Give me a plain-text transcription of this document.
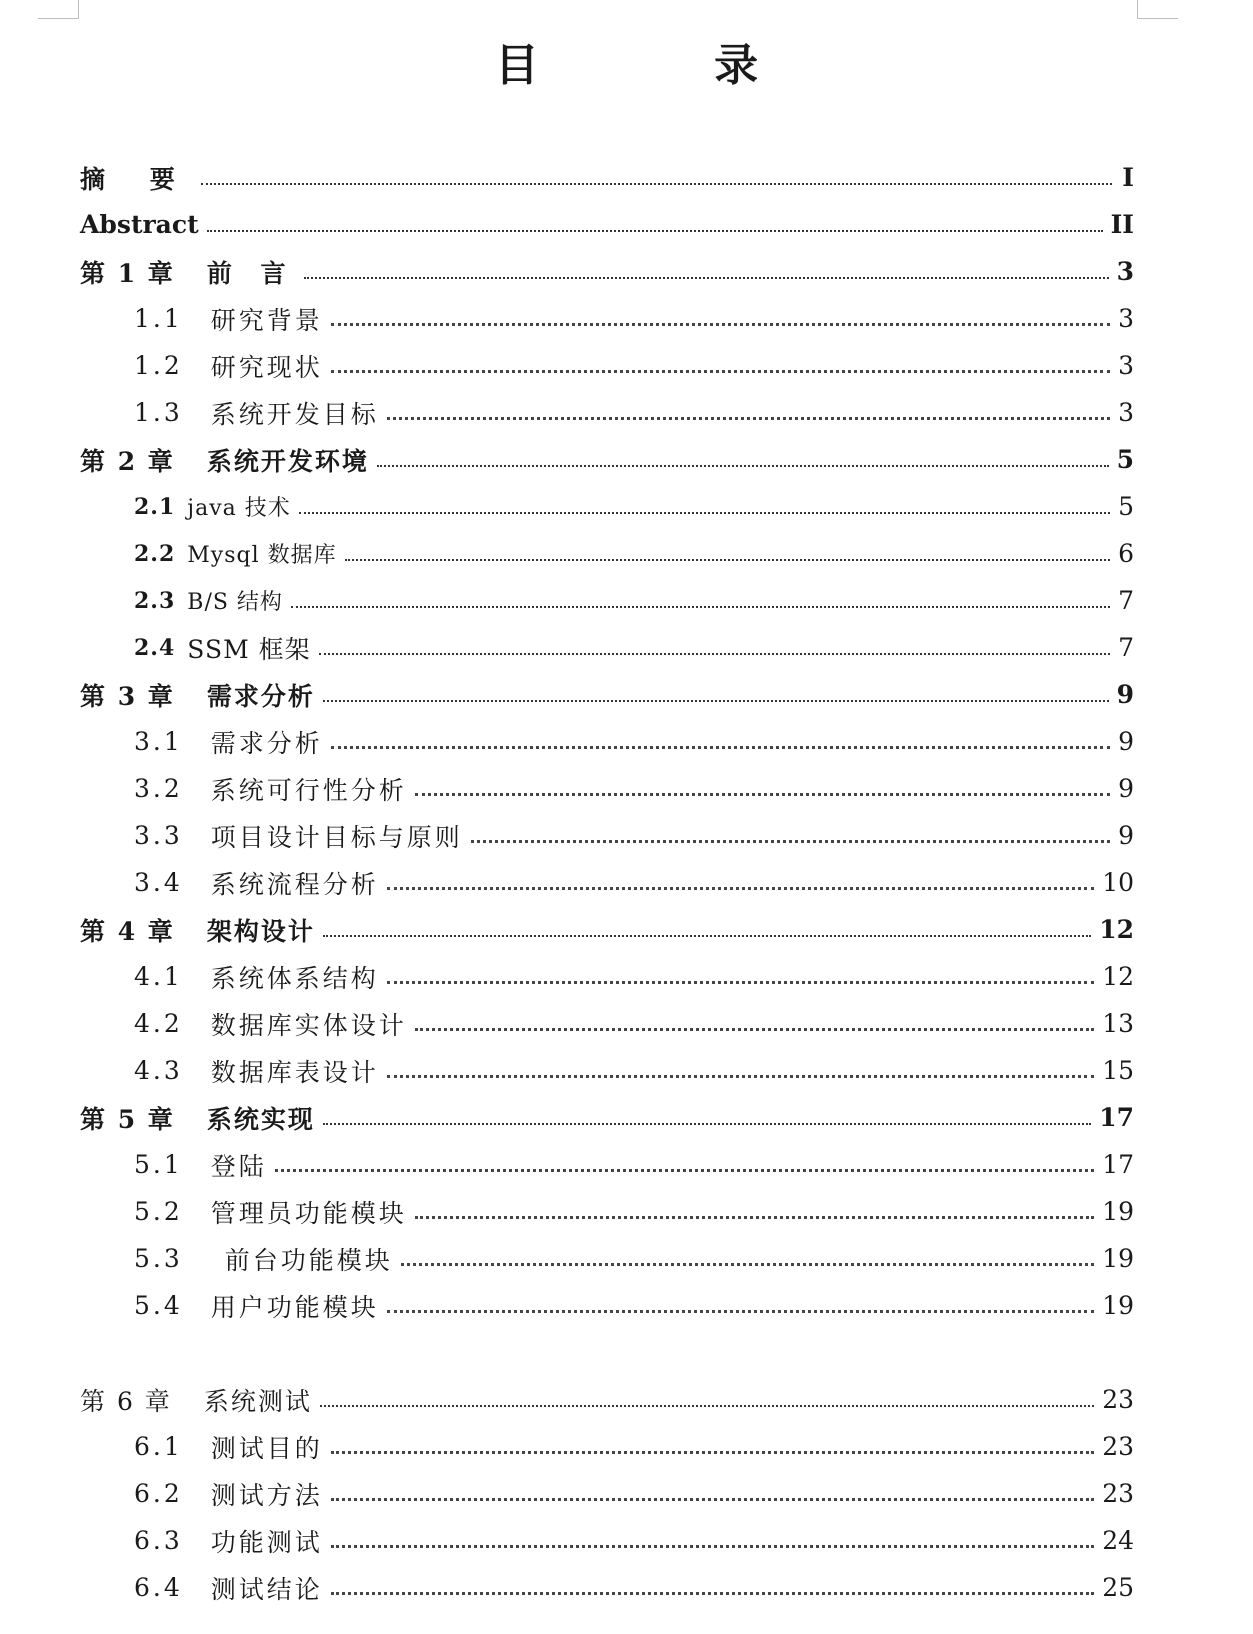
目 录
摘 要	I
Abstract	II
第 1 章 前 言	3
1.1 研究背景	3
1.2 研究现状	3
1.3 系统开发目标	3
第 2 章 系统开发环境	5
2.1 java 技术	5
2.2 Mysql 数据库	6
2.3 B/S 结构	7
2.4 SSM 框架	7
第 3 章 需求分析	9
3.1 需求分析	9
3.2 系统可行性分析	9
3.3 项目设计目标与原则	9
3.4 系统流程分析	10
第 4 章 架构设计	12
4.1 系统体系结构	12
4.2 数据库实体设计	13
4.3 数据库表设计	15
第 5 章 系统实现	17
5.1 登陆	17
5.2 管理员功能模块	19
5.3 前台功能模块	19
5.4 用户功能模块	19
第 6 章 系统测试	23
6.1 测试目的	23
6.2 测试方法	23
6.3 功能测试	24
6.4 测试结论	25
